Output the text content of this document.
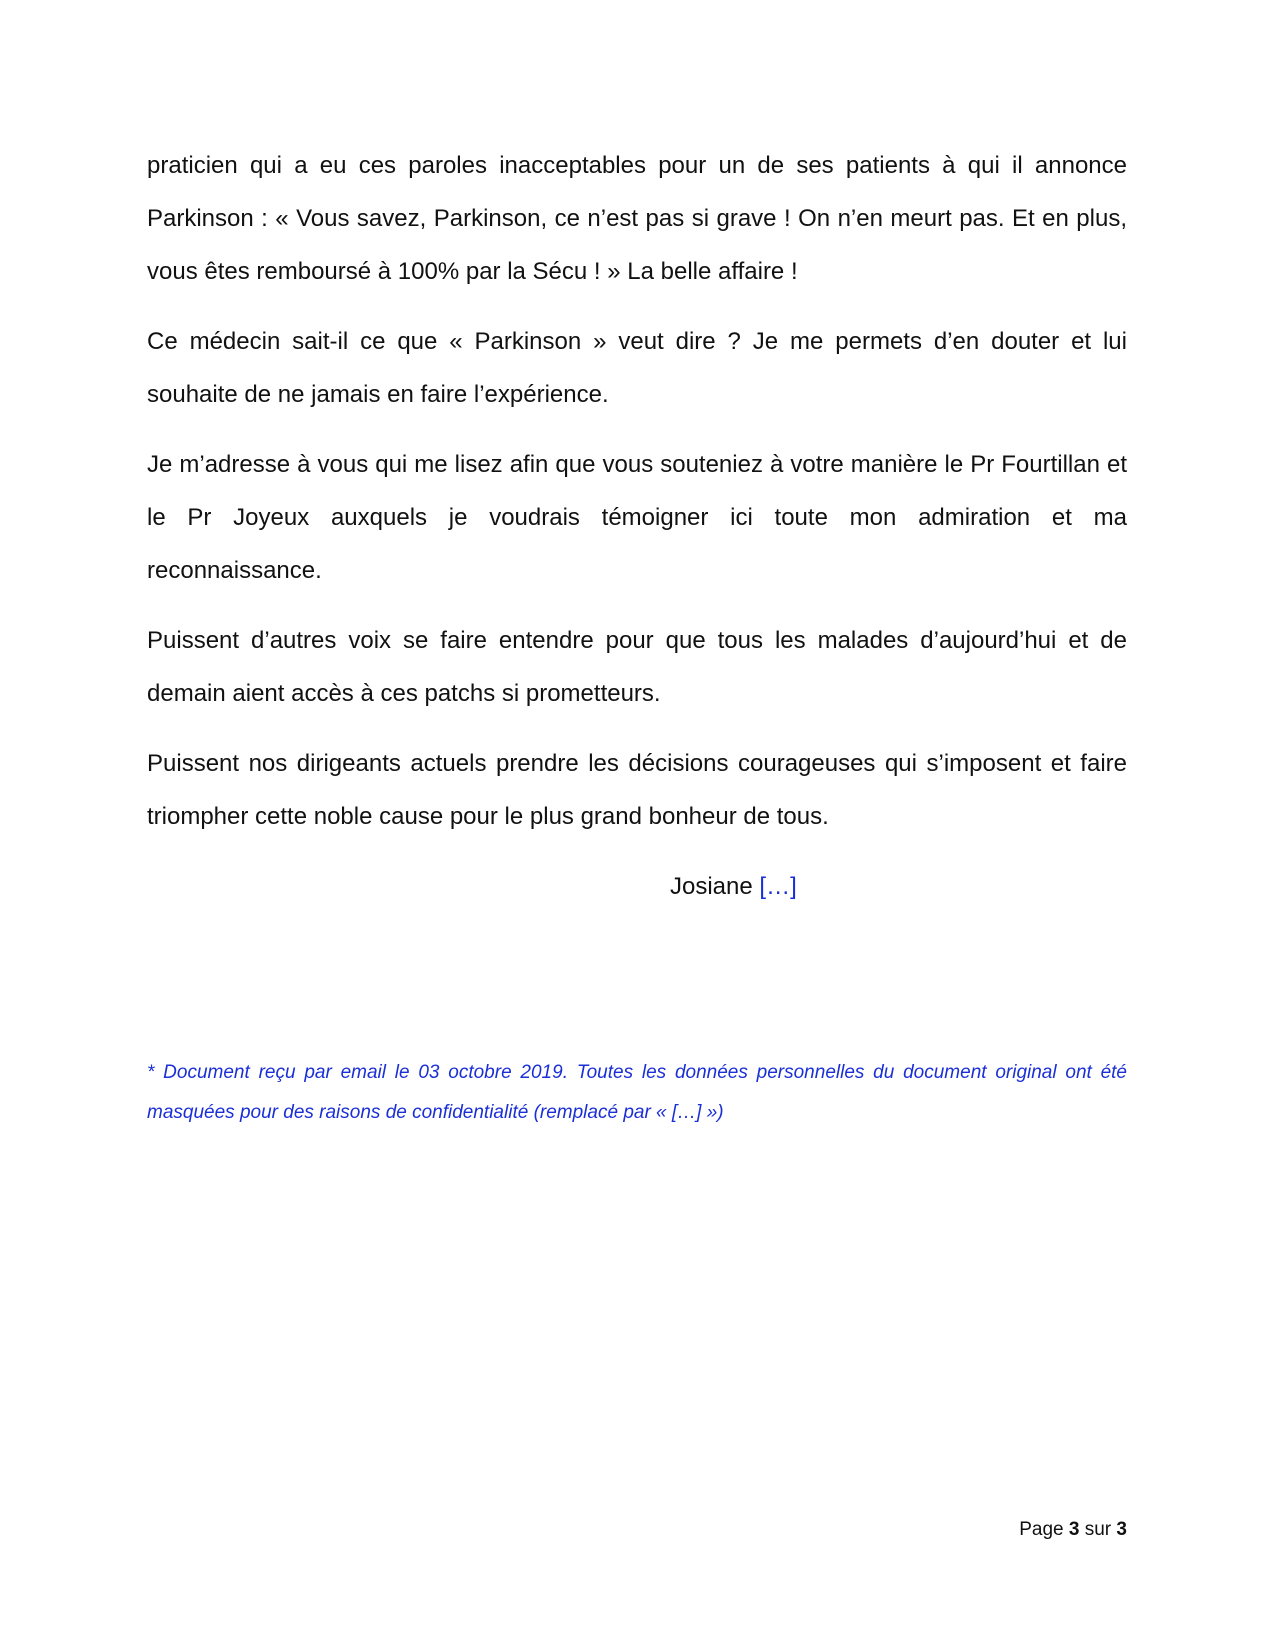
praticien qui a eu ces paroles inacceptables pour un de ses patients à qui il annonce Parkinson : « Vous savez, Parkinson, ce n’est pas si grave ! On n’en meurt pas. Et en plus, vous êtes remboursé à 100% par la Sécu ! » La belle affaire !

Ce médecin sait-il ce que « Parkinson » veut dire ? Je me permets d’en douter et lui souhaite de ne jamais en faire l’expérience.

Je m’adresse à vous qui me lisez afin que vous souteniez à votre manière le Pr Fourtillan et le Pr Joyeux auxquels je voudrais témoigner ici toute mon admiration et ma reconnaissance.

Puissent d’autres voix se faire entendre pour que tous les malades d’aujourd’hui et de demain aient accès à ces patchs si prometteurs.

Puissent nos dirigeants actuels prendre les décisions courageuses qui s’imposent et faire triompher cette noble cause pour le plus grand bonheur de tous.

Josiane […]

* Document reçu par email le 03 octobre 2019. Toutes les données personnelles du document original ont été masquées pour des raisons de confidentialité (remplacé par « […] »)
Page 3 sur 3
